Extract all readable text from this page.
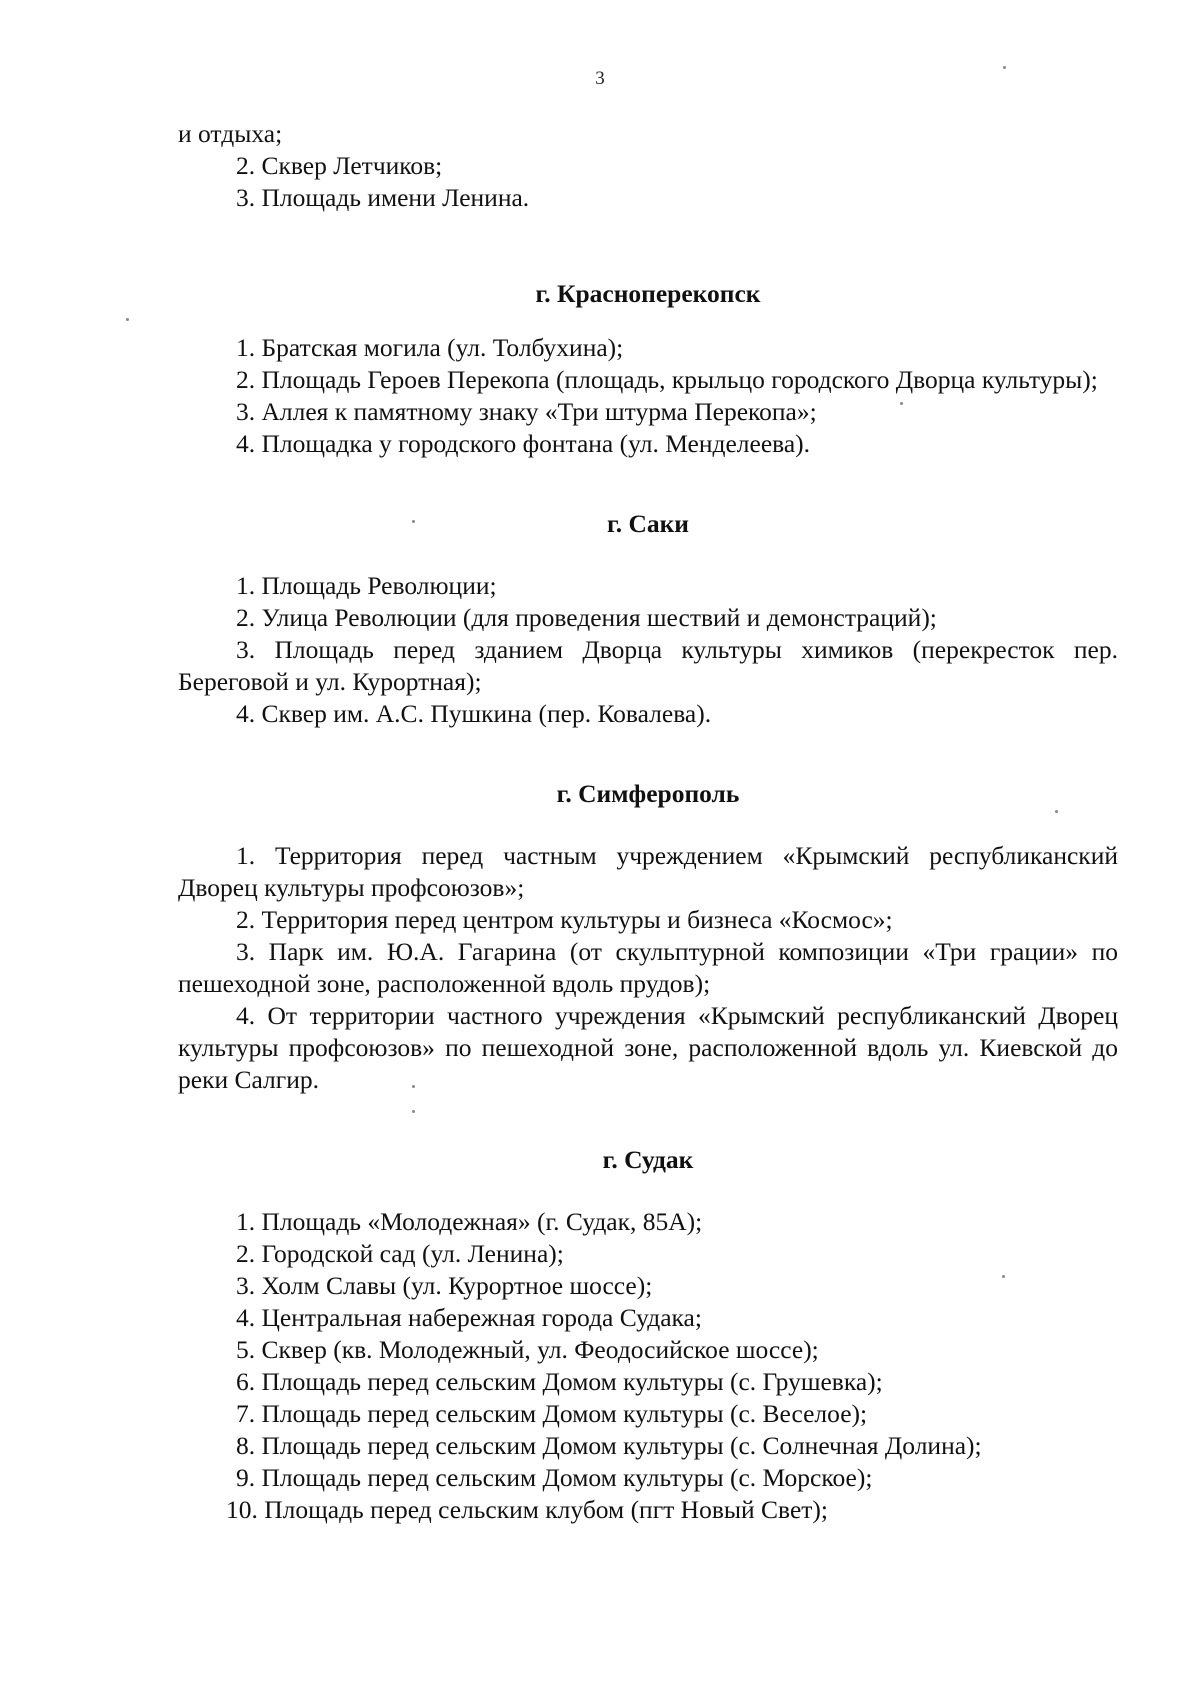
3

и отдыха;

2. Сквер Летчиков;

3. Площадь имени Ленина.

г. Красноперекопск

1. Братская могила (ул. Толбухина);

2. Площадь Героев Перекопа (площадь, крыльцо городского Дворца культуры);

3. Аллея к памятному знаку «Три штурма Перекопа»;

4. Площадка у городского фонтана (ул. Менделеева).

г. Саки

1. Площадь Революции;

2. Улица Революции (для проведения шествий и демонстраций);

3. Площадь перед зданием Дворца культуры химиков (перекресток пер. Береговой и ул. Курортная);

4. Сквер им. А.С. Пушкина (пер. Ковалева).

г. Симферополь

1. Территория перед частным учреждением «Крымский республиканский Дворец культуры профсоюзов»;

2. Территория перед центром культуры и бизнеса «Космос»;

3. Парк им. Ю.А. Гагарина (от скульптурной композиции «Три грации» по пешеходной зоне, расположенной вдоль прудов);

4. От территории частного учреждения «Крымский республиканский Дворец культуры профсоюзов» по пешеходной зоне, расположенной вдоль ул. Киевской до реки Салгир.

г. Судак

1. Площадь «Молодежная» (г. Судак, 85А);

2. Городской сад (ул. Ленина);

3. Холм Славы (ул. Курортное шоссе);

4. Центральная набережная города Судака;

5. Сквер (кв. Молодежный, ул. Феодосийское шоссе);

6. Площадь перед сельским Домом культуры (с. Грушевка);

7. Площадь перед сельским Домом культуры (с. Веселое);

8. Площадь перед сельским Домом культуры (с. Солнечная Долина);

9. Площадь перед сельским Домом культуры (с. Морское);

10. Площадь перед сельским клубом (пгт Новый Свет);
